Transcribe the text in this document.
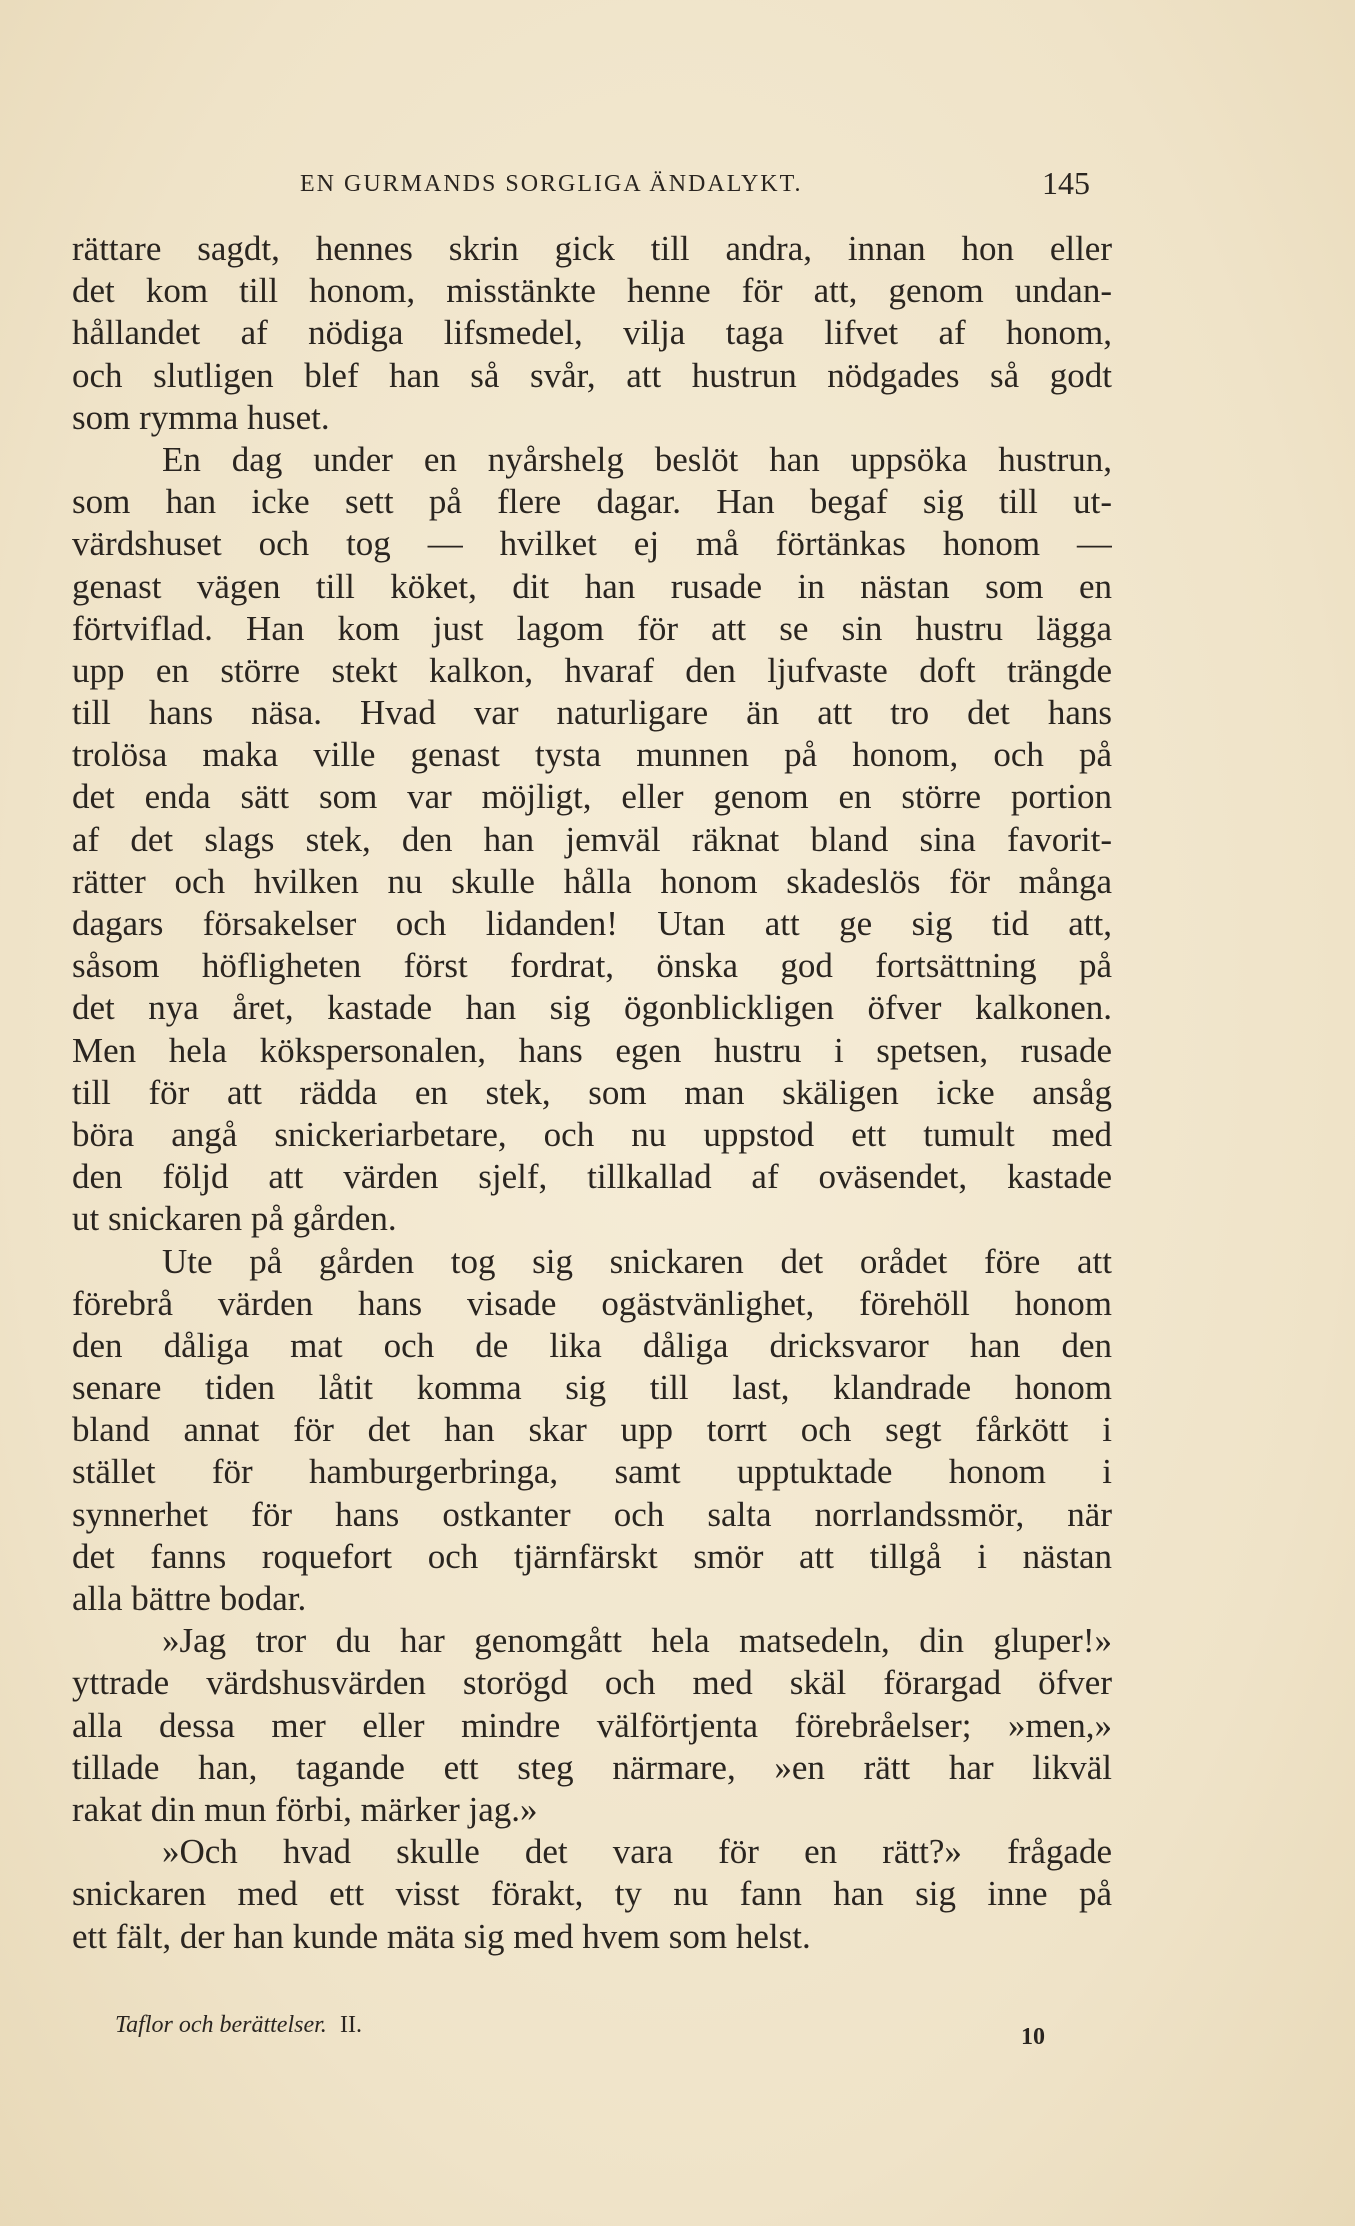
EN GURMANDS SORGLIGA ÄNDALYKT.	145
rättare sagdt, hennes skrin gick till andra, innan hon eller
det kom till honom, misstänkte henne för att, genom undan-
hållandet af nödiga lifsmedel, vilja taga lifvet af honom,
och slutligen blef han så svår, att hustrun nödgades så godt
som rymma huset.
En dag under en nyårshelg beslöt han uppsöka hustrun,
som han icke sett på flere dagar. Han begaf sig till ut-
värdshuset och tog — hvilket ej må förtänkas honom —
genast vägen till köket, dit han rusade in nästan som en
förtviflad. Han kom just lagom för att se sin hustru lägga
upp en större stekt kalkon, hvaraf den ljufvaste doft trängde
till hans näsa. Hvad var naturligare än att tro det hans
trolösa maka ville genast tysta munnen på honom, och på
det enda sätt som var möjligt, eller genom en större portion
af det slags stek, den han jemväl räknat bland sina favorit-
rätter och hvilken nu skulle hålla honom skadeslös för många
dagars försakelser och lidanden! Utan att ge sig tid att,
såsom höfligheten först fordrat, önska god fortsättning på
det nya året, kastade han sig ögonblickligen öfver kalkonen.
Men hela kökspersonalen, hans egen hustru i spetsen, rusade
till för att rädda en stek, som man skäligen icke ansåg
böra angå snickeriarbetare, och nu uppstod ett tumult med
den följd att värden sjelf, tillkallad af oväsendet, kastade
ut snickaren på gården.
Ute på gården tog sig snickaren det orådet före att
förebrå värden hans visade ogästvänlighet, förehöll honom
den dåliga mat och de lika dåliga dricksvaror han den
senare tiden låtit komma sig till last, klandrade honom
bland annat för det han skar upp torrt och segt fårkött i
stället för hamburgerbringa, samt upptuktade honom i
synnerhet för hans ostkanter och salta norrlandssmör, när
det fanns roquefort och tjärnfärskt smör att tillgå i nästan
alla bättre bodar.
»Jag tror du har genomgått hela matsedeln, din gluper!»
yttrade värdshusvärden storögd och med skäl förargad öfver
alla dessa mer eller mindre välförtjenta förebråelser; »men,»
tillade han, tagande ett steg närmare, »en rätt har likväl
rakat din mun förbi, märker jag.»
»Och hvad skulle det vara för en rätt?» frågade
snickaren med ett visst förakt, ty nu fann han sig inne på
ett fält, der han kunde mäta sig med hvem som helst.
Taflor och berättelser. II.	10
